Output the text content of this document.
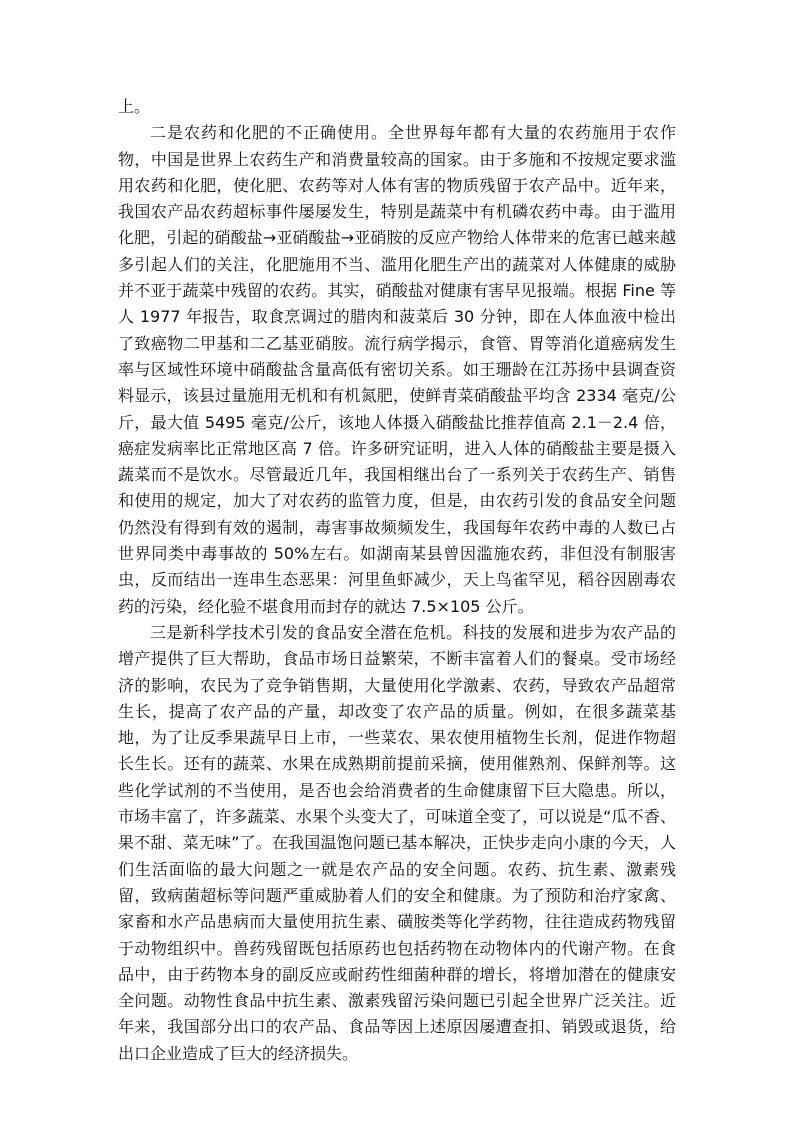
上。

二是农药和化肥的不正确使用。全世界每年都有大量的农药施用于农作物，中国是世界上农药生产和消费量较高的国家。由于多施和不按规定要求滥用农药和化肥，使化肥、农药等对人体有害的物质残留于农产品中。近年来，我国农产品农药超标事件屡屡发生，特别是蔬菜中有机磷农药中毒。由于滥用化肥，引起的硝酸盐→亚硝酸盐→亚硝胺的反应产物给人体带来的危害已越来越多引起人们的关注，化肥施用不当、滥用化肥生产出的蔬菜对人体健康的威胁并不亚于蔬菜中残留的农药。其实，硝酸盐对健康有害早见报端。根据 Fine 等人 1977 年报告，取食烹调过的腊肉和菠菜后 30 分钟，即在人体血液中检出了致癌物二甲基和二乙基亚硝胺。流行病学揭示，食管、胃等消化道癌病发生率与区域性环境中硝酸盐含量高低有密切关系。如王珊龄在江苏扬中县调查资料显示，该县过量施用无机和有机氮肥，使鲜青菜硝酸盐平均含 2334 毫克/公斤，最大值 5495 毫克/公斤，该地人体摄入硝酸盐比推荐值高 2.1－2.4 倍，癌症发病率比正常地区高 7 倍。许多研究证明，进入人体的硝酸盐主要是摄入蔬菜而不是饮水。尽管最近几年，我国相继出台了一系列关于农药生产、销售和使用的规定，加大了对农药的监管力度，但是，由农药引发的食品安全问题仍然没有得到有效的遏制，毒害事故频频发生，我国每年农药中毒的人数已占世界同类中毒事故的 50%左右。如湖南某县曾因滥施农药，非但没有制服害虫，反而结出一连串生态恶果：河里鱼虾减少，天上鸟雀罕见，稻谷因剧毒农药的污染，经化验不堪食用而封存的就达 7.5×105 公斤。

三是新科学技术引发的食品安全潜在危机。科技的发展和进步为农产品的增产提供了巨大帮助，食品市场日益繁荣，不断丰富着人们的餐桌。受市场经济的影响，农民为了竞争销售期，大量使用化学激素、农药，导致农产品超常生长，提高了农产品的产量，却改变了农产品的质量。例如，在很多蔬菜基地，为了让反季果蔬早日上市，一些菜农、果农使用植物生长剂，促进作物超长生长。还有的蔬菜、水果在成熟期前提前采摘，使用催熟剂、保鲜剂等。这些化学试剂的不当使用，是否也会给消费者的生命健康留下巨大隐患。所以，市场丰富了，许多蔬菜、水果个头变大了，可味道全变了，可以说是“瓜不香、果不甜、菜无味”了。在我国温饱问题已基本解决，正快步走向小康的今天，人们生活面临的最大问题之一就是农产品的安全问题。农药、抗生素、激素残留，致病菌超标等问题严重威胁着人们的安全和健康。为了预防和治疗家禽、家畜和水产品患病而大量使用抗生素、磺胺类等化学药物，往往造成药物残留于动物组织中。兽药残留既包括原药也包括药物在动物体内的代谢产物。在食品中，由于药物本身的副反应或耐药性细菌种群的增长，将增加潜在的健康安全问题。动物性食品中抗生素、激素残留污染问题已引起全世界广泛关注。近年来，我国部分出口的农产品、食品等因上述原因屡遭查扣、销毁或退货，给出口企业造成了巨大的经济损失。
